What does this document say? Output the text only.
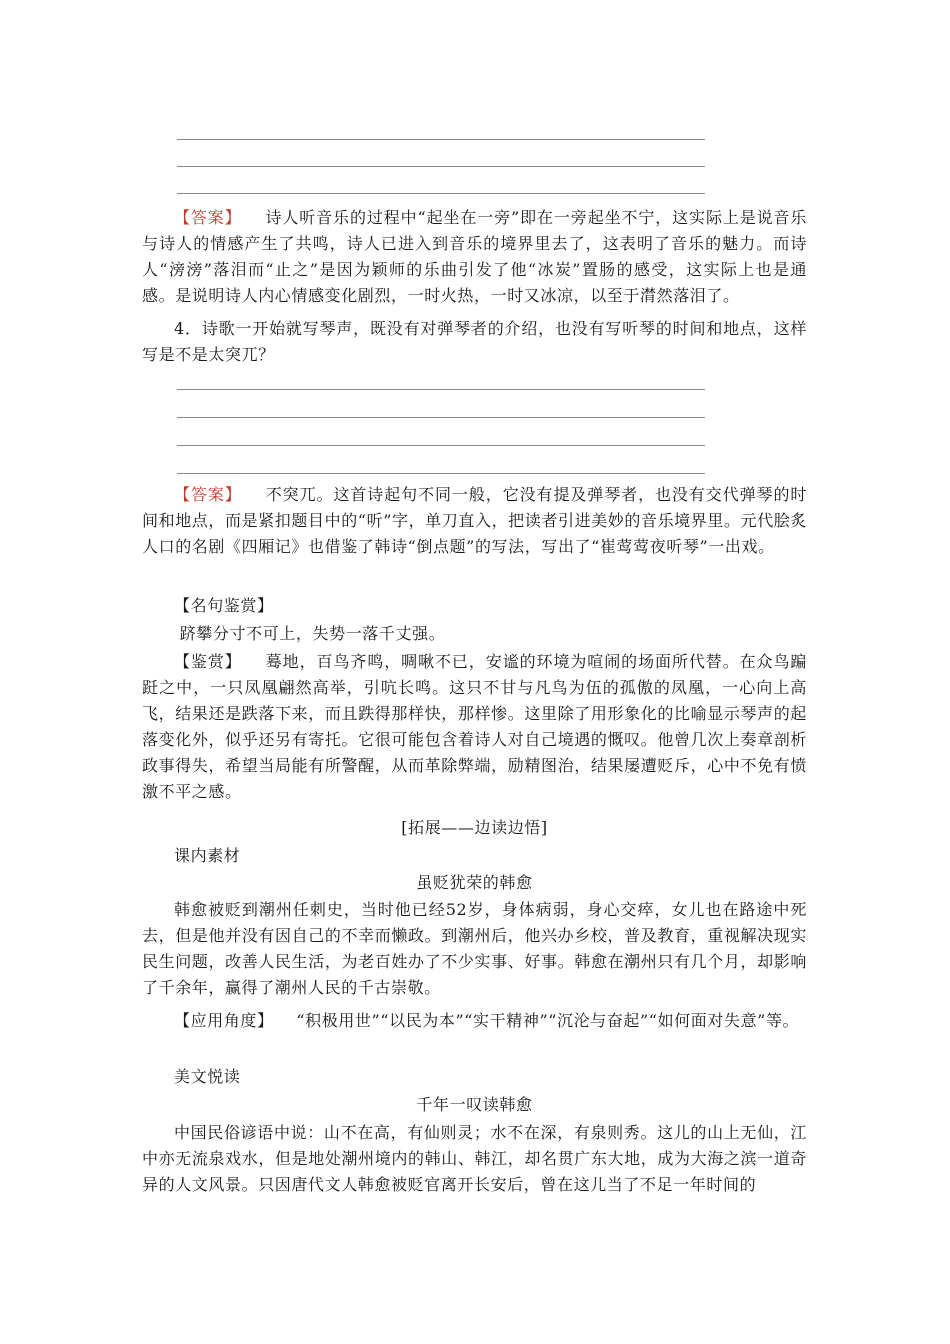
【答案】 诗人听音乐的过程中“起坐在一旁”即在一旁起坐不宁，这实际上是说音乐与诗人的情感产生了共鸣，诗人已进入到音乐的境界里去了，这表明了音乐的魅力。而诗人“滂滂”落泪而“止之”是因为颖师的乐曲引发了他“冰炭”置肠的感受，这实际上也是通感。是说明诗人内心情感变化剧烈，一时火热，一时又冰凉，以至于潸然落泪了。
4．诗歌一开始就写琴声，既没有对弹琴者的介绍，也没有写听琴的时间和地点，这样写是不是太突兀？
【答案】 不突兀。这首诗起句不同一般，它没有提及弹琴者，也没有交代弹琴的时间和地点，而是紧扣题目中的“听”字，单刀直入，把读者引进美妙的音乐境界里。元代脍炙人口的名剧《四厢记》也借鉴了韩诗“倒点题”的写法，写出了“崔莺莺夜听琴”一出戏。
【名句鉴赏】
跻攀分寸不可上，失势一落千丈强。
【鉴赏】 蓦地，百鸟齐鸣，啁啾不已，安谧的环境为喧闹的场面所代替。在众鸟蹁跹之中，一只凤凰翩然高举，引吭长鸣。这只不甘与凡鸟为伍的孤傲的凤凰，一心向上高飞，结果还是跌落下来，而且跌得那样快，那样惨。这里除了用形象化的比喻显示琴声的起落变化外，似乎还另有寄托。它很可能包含着诗人对自己境遇的慨叹。他曾几次上奏章剖析政事得失，希望当局能有所警醒，从而革除弊端，励精图治，结果屡遭贬斥，心中不免有愤激不平之感。
[拓展——边读边悟]
课内素材
虽贬犹荣的韩愈
韩愈被贬到潮州任刺史，当时他已经52岁，身体病弱，身心交瘁，女儿也在路途中死去，但是他并没有因自己的不幸而懒政。到潮州后，他兴办乡校，普及教育，重视解决现实民生问题，改善人民生活，为老百姓办了不少实事、好事。韩愈在潮州只有几个月，却影响了千余年，赢得了潮州人民的千古崇敬。
【应用角度】 “积极用世”“以民为本”“实干精神”“沉沦与奋起”“如何面对失意”等。
美文悦读
千年一叹读韩愈
中国民俗谚语中说：山不在高，有仙则灵；水不在深，有泉则秀。这儿的山上无仙，江中亦无流泉戏水，但是地处潮州境内的韩山、韩江，却名贯广东大地，成为大海之滨一道奇异的人文风景。只因唐代文人韩愈被贬官离开长安后，曾在这儿当了不足一年时间的
